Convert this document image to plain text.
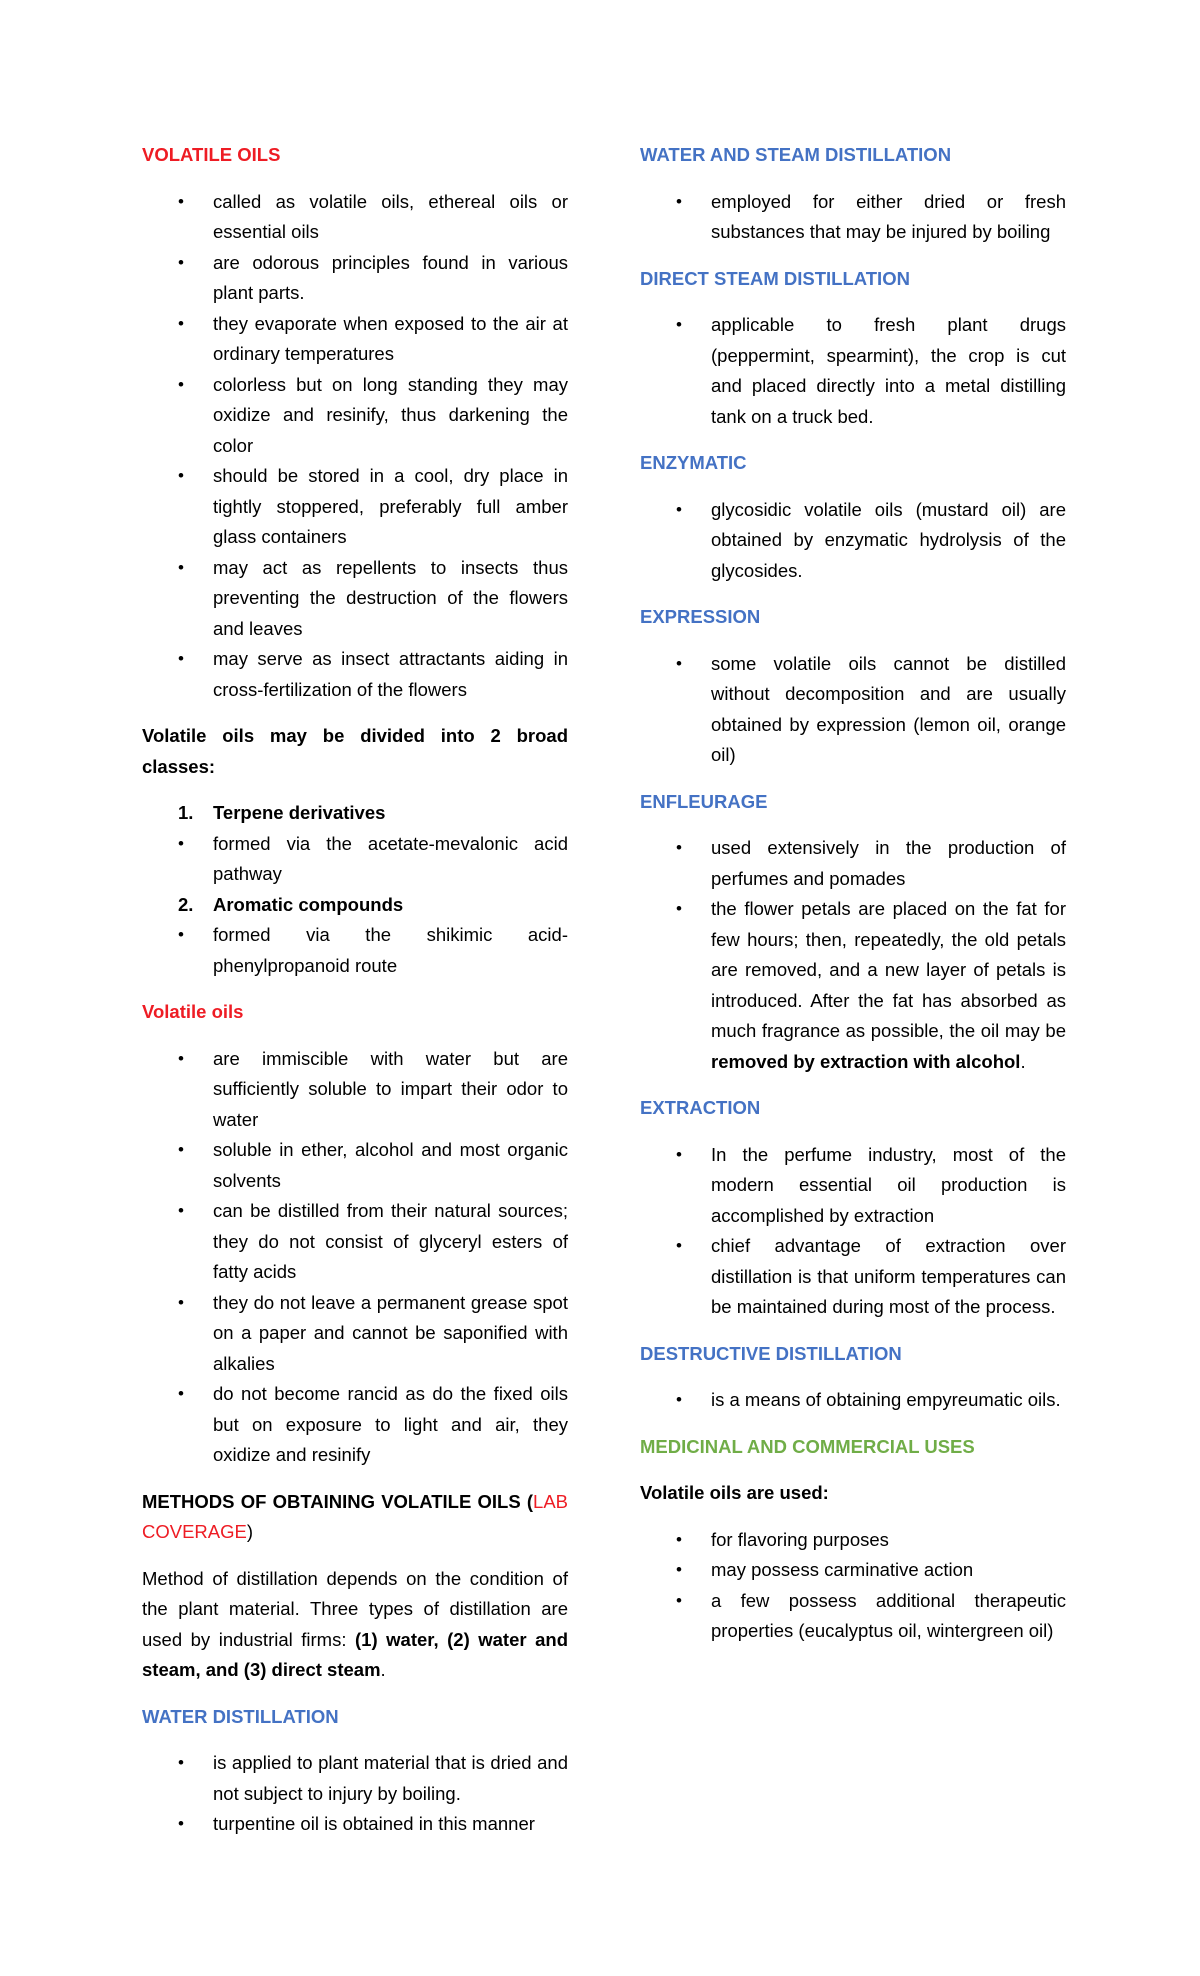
VOLATILE OILS
• called as volatile oils, ethereal oils or essential oils
• are odorous principles found in various plant parts.
• they evaporate when exposed to the air at ordinary temperatures
• colorless but on long standing they may oxidize and resinify, thus darkening the color
• should be stored in a cool, dry place in tightly stoppered, preferably full amber glass containers
• may act as repellents to insects thus preventing the destruction of the flowers and leaves
• may serve as insect attractants aiding in cross-fertilization of the flowers

Volatile oils may be divided into 2 broad classes:

1. Terpene derivatives
• formed via the acetate-mevalonic acid pathway
2. Aromatic compounds
• formed via the shikimic acid-phenylpropanoid route
Volatile oils
• are immiscible with water but are sufficiently soluble to impart their odor to water
• soluble in ether, alcohol and most organic solvents
• can be distilled from their natural sources; they do not consist of glyceryl esters of fatty acids
• they do not leave a permanent grease spot on a paper and cannot be saponified with alkalies
• do not become rancid as do the fixed oils but on exposure to light and air, they oxidize and resinify

METHODS OF OBTAINING VOLATILE OILS (LAB COVERAGE)

Method of distillation depends on the condition of the plant material. Three types of distillation are used by industrial firms: (1) water, (2) water and steam, and (3) direct steam.

WATER DISTILLATION
• is applied to plant material that is dried and not subject to injury by boiling.
• turpentine oil is obtained in this manner
WATER AND STEAM DISTILLATION
• employed for either dried or fresh substances that may be injured by boiling
DIRECT STEAM DISTILLATION
• applicable to fresh plant drugs (peppermint, spearmint), the crop is cut and placed directly into a metal distilling tank on a truck bed.
ENZYMATIC
• glycosidic volatile oils (mustard oil) are obtained by enzymatic hydrolysis of the glycosides.
EXPRESSION
• some volatile oils cannot be distilled without decomposition and are usually obtained by expression (lemon oil, orange oil)
ENFLEURAGE
• used extensively in the production of perfumes and pomades
• the flower petals are placed on the fat for few hours; then, repeatedly, the old petals are removed, and a new layer of petals is introduced. After the fat has absorbed as much fragrance as possible, the oil may be removed by extraction with alcohol.
EXTRACTION
• In the perfume industry, most of the modern essential oil production is accomplished by extraction
• chief advantage of extraction over distillation is that uniform temperatures can be maintained during most of the process.
DESTRUCTIVE DISTILLATION
• is a means of obtaining empyreumatic oils.
MEDICINAL AND COMMERCIAL USES

Volatile oils are used:

• for flavoring purposes
• may possess carminative action
• a few possess additional therapeutic properties (eucalyptus oil, wintergreen oil)
